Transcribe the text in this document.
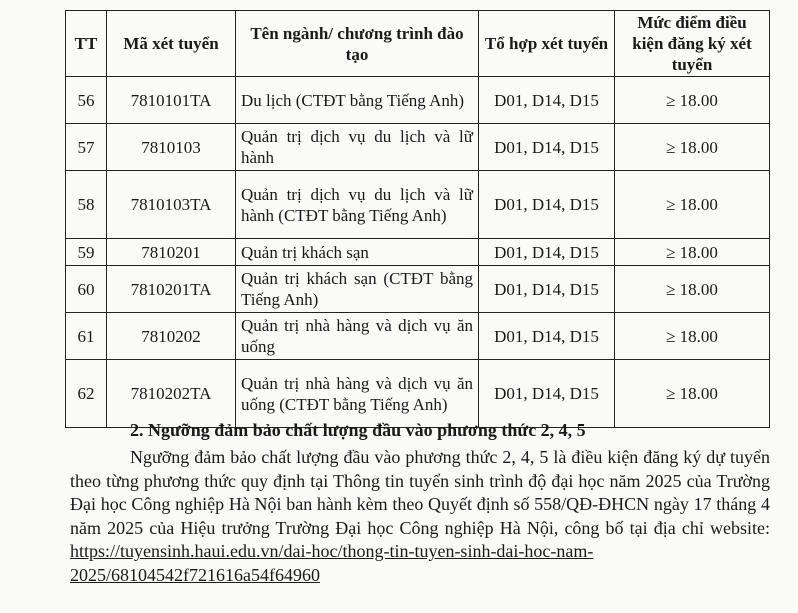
TT	Mã xét tuyển	Tên ngành/ chương trình đào tạo	Tổ hợp xét tuyển	Mức điểm điều kiện đăng ký xét tuyển
56	7810101TA	Du lịch (CTĐT bằng Tiếng Anh)	D01, D14, D15	≥ 18.00
57	7810103	Quản trị dịch vụ du lịch và lữ hành	D01, D14, D15	≥ 18.00
58	7810103TA	Quản trị dịch vụ du lịch và lữ hành (CTĐT bằng Tiếng Anh)	D01, D14, D15	≥ 18.00
59	7810201	Quản trị khách sạn	D01, D14, D15	≥ 18.00
60	7810201TA	Quản trị khách sạn (CTĐT bằng Tiếng Anh)	D01, D14, D15	≥ 18.00
61	7810202	Quản trị nhà hàng và dịch vụ ăn uống	D01, D14, D15	≥ 18.00
62	7810202TA	Quản trị nhà hàng và dịch vụ ăn uống (CTĐT bằng Tiếng Anh)	D01, D14, D15	≥ 18.00
2. Ngưỡng đảm bảo chất lượng đầu vào phương thức 2, 4, 5
Ngưỡng đảm bảo chất lượng đầu vào phương thức 2, 4, 5 là điều kiện đăng ký dự tuyển theo từng phương thức quy định tại Thông tin tuyển sinh trình độ đại học năm 2025 của Trường Đại học Công nghiệp Hà Nội ban hành kèm theo Quyết định số 558/QĐ-ĐHCN ngày 17 tháng 4 năm 2025 của Hiệu trưởng Trường Đại học Công nghiệp Hà Nội, công bố tại địa chỉ website: https://tuyensinh.haui.edu.vn/dai-hoc/thong-tin-tuyen-sinh-dai-hoc-nam-2025/68104542f721616a54f64960
